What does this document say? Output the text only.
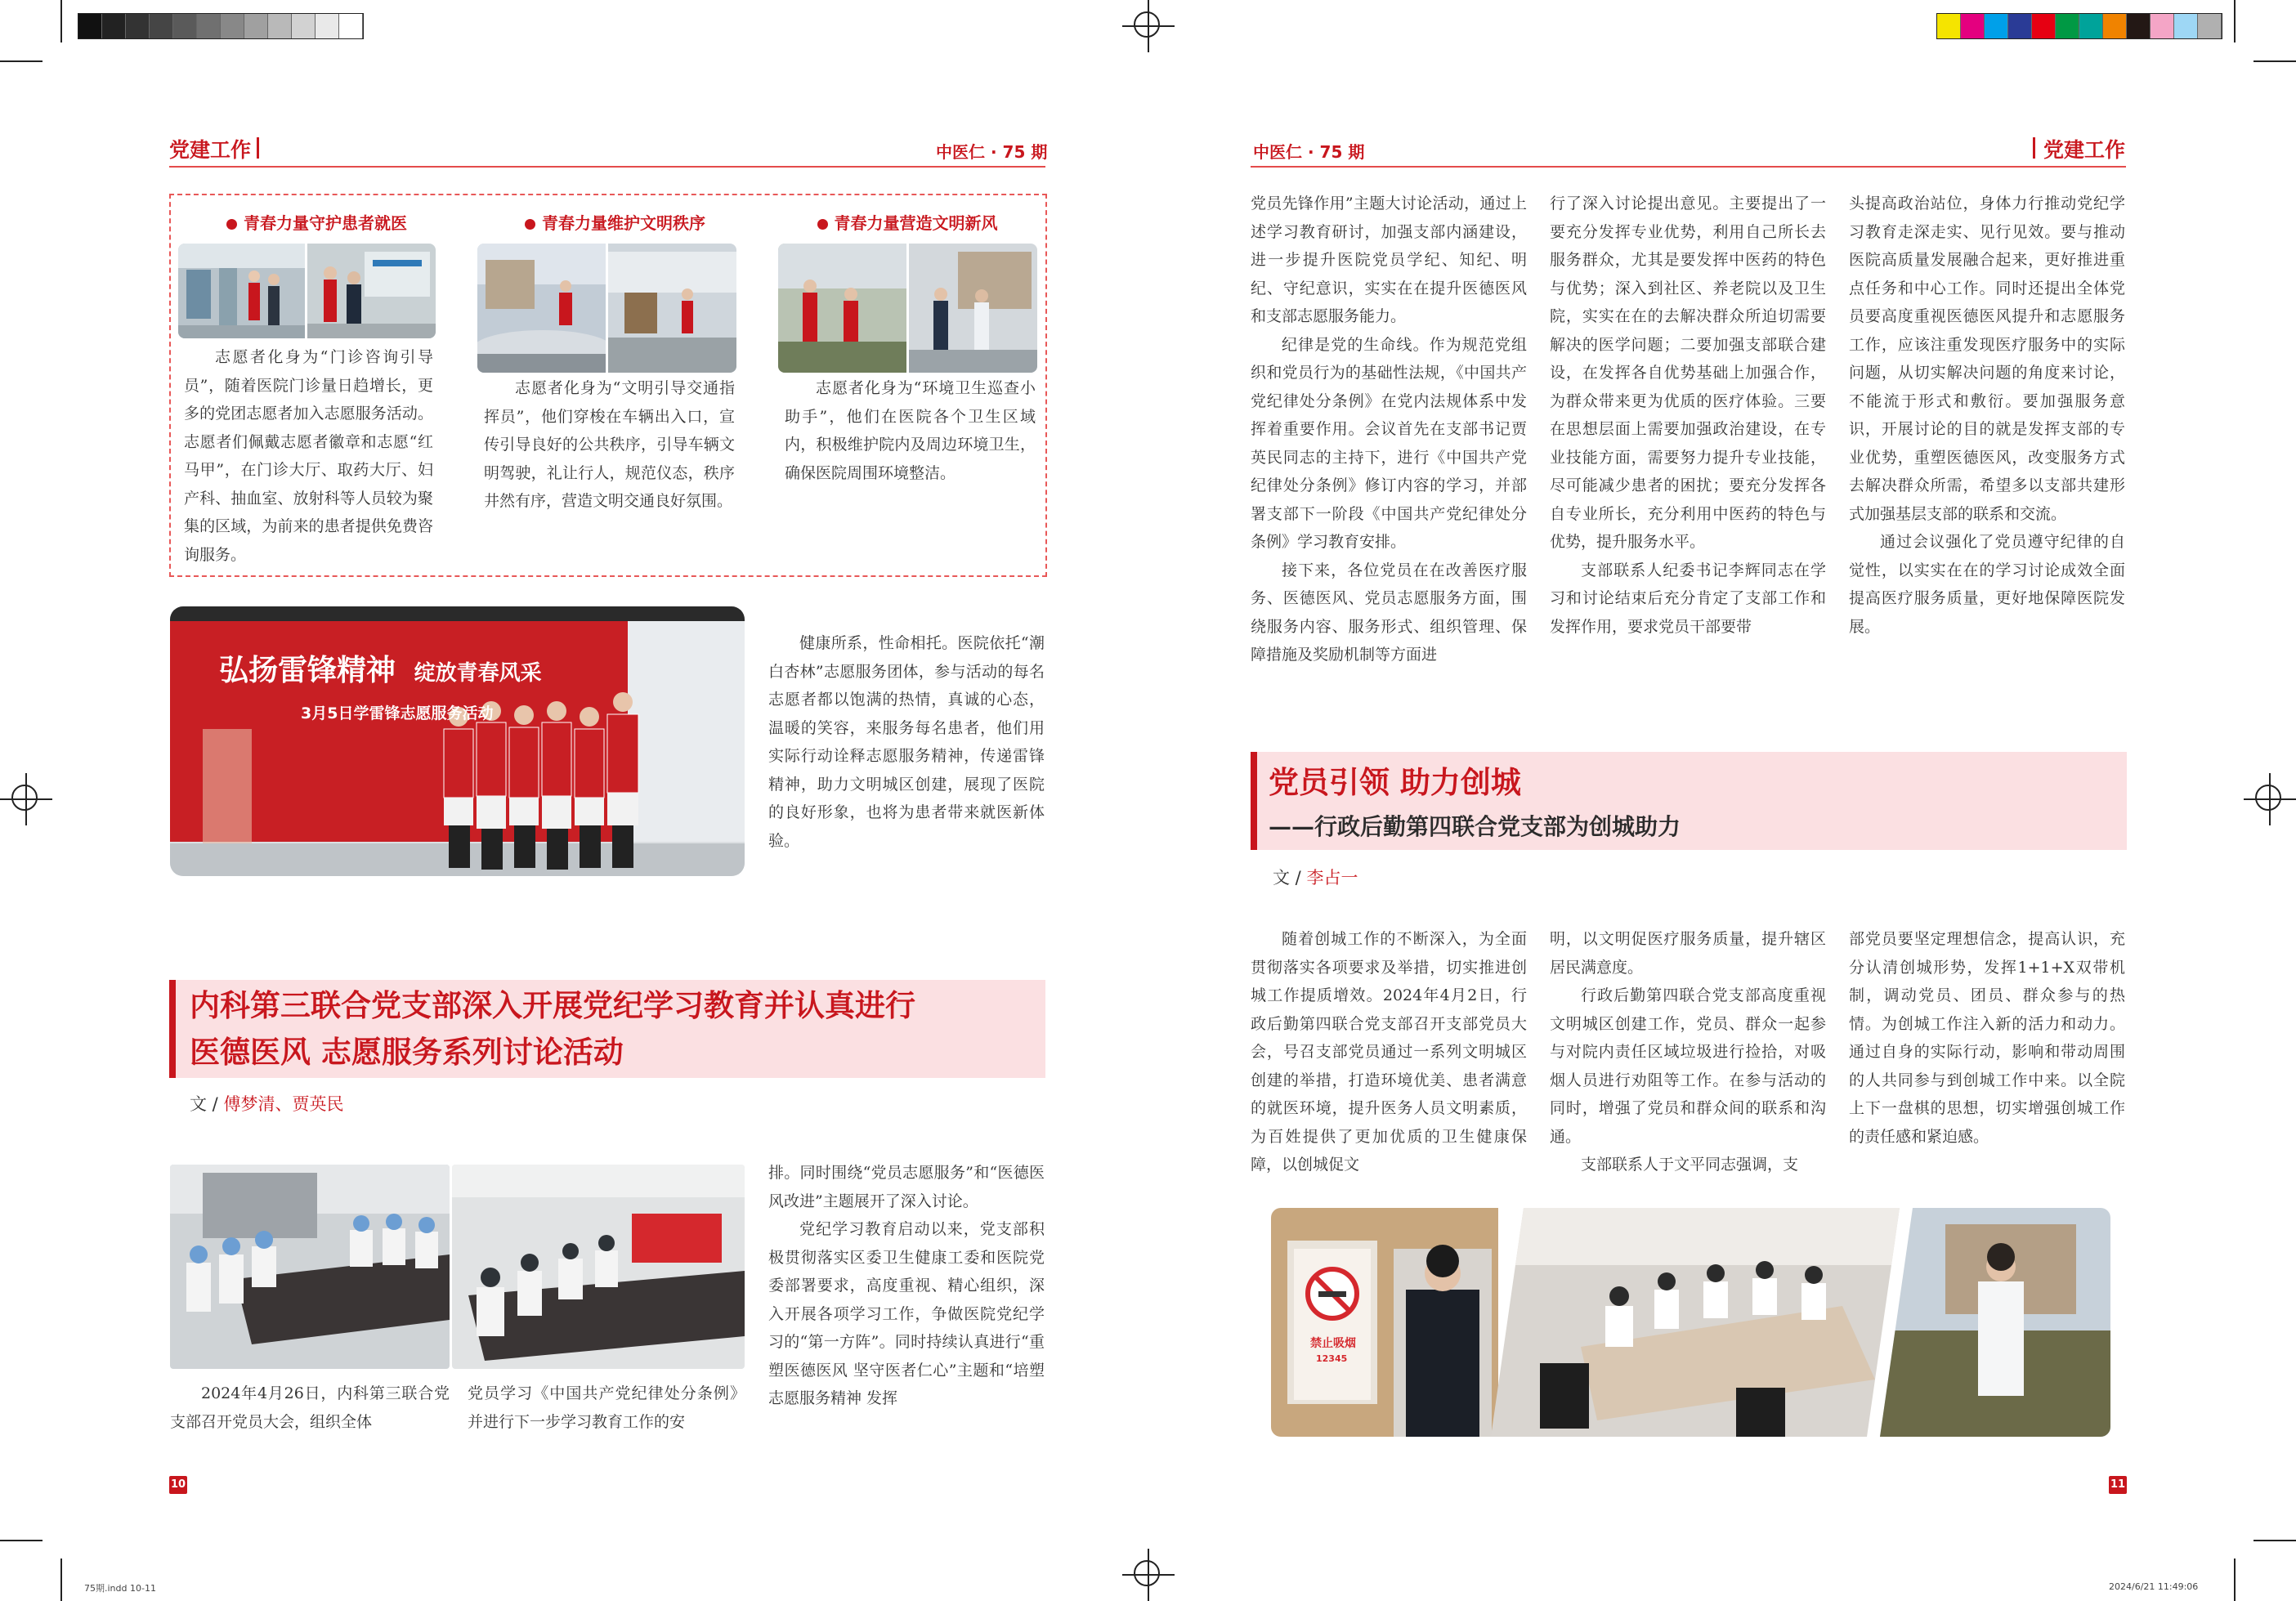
党建工作	中医仁 · 75 期	中医仁 · 75 期	党建工作
青春力量守护患者就医	青春力量维护文明秩序	青春力量营造文明新风

志愿者化身为“门诊咨询引导员”，随着医院门诊量日趋增长，更多的党团志愿者加入志愿服务活动。志愿者们佩戴志愿者徽章和志愿“红马甲”，在门诊大厅、取药大厅、妇产科、抽血室、放射科等人员较为聚集的区域，为前来的患者提供免费咨询服务。

志愿者化身为“文明引导交通指挥员”，他们穿梭在车辆出入口，宣传引导良好的公共秩序，引导车辆文明驾驶，礼让行人，规范仪态，秩序井然有序，营造文明交通良好氛围。

志愿者化身为“环境卫生巡查小助手”，他们在医院各个卫生区域内，积极维护院内及周边环境卫生，确保医院周围环境整洁。

弘扬雷锋精神 绽放青春风采
3月5日学雷锋志愿服务活动

健康所系，性命相托。医院依托“潮白杏林”志愿服务团体，参与活动的每名志愿者都以饱满的热情，真诚的心态，温暖的笑容，来服务每名患者，他们用实际行动诠释志愿服务精神，传递雷锋精神，助力文明城区创建，展现了医院的良好形象，也将为患者带来就医新体验。

内科第三联合党支部深入开展党纪学习教育并认真进行
医德医风 志愿服务系列讨论活动
文 / 傅梦清、贾英民

2024年4月26日，内科第三联合党支部召开党员大会，组织全体

党员学习《中国共产党纪律处分条例》并进行下一步学习教育工作的安

排。同时围绕“党员志愿服务”和“医德医风改进”主题展开了深入讨论。

党纪学习教育启动以来，党支部积极贯彻落实区委卫生健康工委和医院党委部署要求，高度重视、精心组织，深入开展各项学习工作，争做医院党纪学习的“第一方阵”。同时持续认真进行“重塑医德医风 坚守医者仁心”主题和“培塑志愿服务精神 发挥

10

党员先锋作用”主题大讨论活动，通过上述学习教育研讨，加强支部内涵建设，进一步提升医院党员学纪、知纪、明纪、守纪意识，实实在在提升医德医风和支部志愿服务能力。

纪律是党的生命线。作为规范党组织和党员行为的基础性法规，《中国共产党纪律处分条例》在党内法规体系中发挥着重要作用。会议首先在支部书记贾英民同志的主持下，进行《中国共产党纪律处分条例》修订内容的学习，并部署支部下一阶段《中国共产党纪律处分条例》学习教育安排。

接下来，各位党员在在改善医疗服务、医德医风、党员志愿服务方面，围绕服务内容、服务形式、组织管理、保障措施及奖励机制等方面进

行了深入讨论提出意见。主要提出了一要充分发挥专业优势，利用自己所长去服务群众，尤其是要发挥中医药的特色与优势；深入到社区、养老院以及卫生院，实实在在的去解决群众所迫切需要解决的医学问题；二要加强支部联合建设，在发挥各自优势基础上加强合作，为群众带来更为优质的医疗体验。三要在思想层面上需要加强政治建设，在专业技能方面，需要努力提升专业技能，尽可能减少患者的困扰；要充分发挥各自专业所长，充分利用中医药的特色与优势，提升服务水平。

支部联系人纪委书记李辉同志在学习和讨论结束后充分肯定了支部工作和发挥作用，要求党员干部要带

头提高政治站位，身体力行推动党纪学习教育走深走实、见行见效。要与推动医院高质量发展融合起来，更好推进重点任务和中心工作。同时还提出全体党员要高度重视医德医风提升和志愿服务工作，应该注重发现医疗服务中的实际问题，从切实解决问题的角度来讨论，不能流于形式和敷衍。要加强服务意识，开展讨论的目的就是发挥支部的专业优势，重塑医德医风，改变服务方式去解决群众所需，希望多以支部共建形式加强基层支部的联系和交流。

通过会议强化了党员遵守纪律的自觉性，以实实在在的学习讨论成效全面提高医疗服务质量，更好地保障医院发展。

党员引领 助力创城
——行政后勤第四联合党支部为创城助力
文 / 李占一

随着创城工作的不断深入，为全面贯彻落实各项要求及举措，切实推进创城工作提质增效。2024年4月2日，行政后勤第四联合党支部召开支部党员大会，号召支部党员通过一系列文明城区创建的举措，打造环境优美、患者满意的就医环境，提升医务人员文明素质，为百姓提供了更加优质的卫生健康保障，以创城促文

明，以文明促医疗服务质量，提升辖区居民满意度。

行政后勤第四联合党支部高度重视文明城区创建工作，党员、群众一起参与对院内责任区域垃圾进行捡拾，对吸烟人员进行劝阻等工作。在参与活动的同时，增强了党员和群众间的联系和沟通。

支部联系人于文平同志强调，支

部党员要坚定理想信念，提高认识，充分认清创城形势，发挥1+1+X双带机制，调动党员、团员、群众参与的热情。为创城工作注入新的活力和动力。通过自身的实际行动，影响和带动周围的人共同参与到创城工作中来。以全院上下一盘棋的思想，切实增强创城工作的责任感和紧迫感。

禁止吸烟
12345
11
75期.indd 10-11	2024/6/21 11:49:06
